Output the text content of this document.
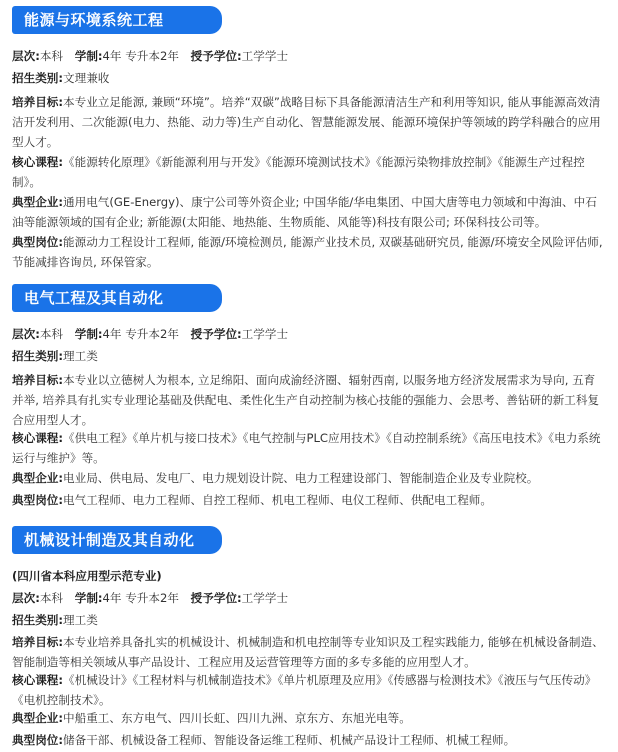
能源与环境系统工程
层次:本科 学制:4年 专升本2年 授予学位:工学学士
招生类别:文理兼收
培养目标:本专业立足能源, 兼顾“环境”。培养“双碳”战略目标下具备能源清洁生产和利用等知识, 能从事能源高效清洁开发利用、二次能源(电力、热能、动力等)生产自动化、智慧能源发展、能源环境保护等领域的跨学科融合的应用型人才。
核心课程:《能源转化原理》《新能源利用与开发》《能源环境测试技术》《能源污染物排放控制》《能源生产过程控制》。
典型企业:通用电气(GE-Energy)、康宁公司等外资企业; 中国华能/华电集团、中国大唐等电力领域和中海油、中石油等能源领域的国有企业; 新能源(太阳能、地热能、生物质能、风能等)科技有限公司; 环保科技公司等。
典型岗位:能源动力工程设计工程师, 能源/环境检测员, 能源产业技术员, 双碳基础研究员, 能源/环境安全风险评估师, 节能减排咨询员, 环保管家。
电气工程及其自动化
层次:本科 学制:4年 专升本2年 授予学位:工学学士
招生类别:理工类
培养目标:本专业以立德树人为根本, 立足绵阳、面向成渝经济圈、辐射西南, 以服务地方经济发展需求为导向, 五育并举, 培养具有扎实专业理论基础及供配电、柔性化生产自动控制为核心技能的强能力、会思考、善钻研的新工科复合应用型人才。
核心课程:《供电工程》《单片机与接口技术》《电气控制与PLC应用技术》《自动控制系统》《高压电技术》《电力系统运行与维护》等。
典型企业:电业局、供电局、发电厂、电力规划设计院、电力工程建设部门、智能制造企业及专业院校。
典型岗位:电气工程师、电力工程师、自控工程师、机电工程师、电仪工程师、供配电工程师。
机械设计制造及其自动化
(四川省本科应用型示范专业)
层次:本科 学制:4年 专升本2年 授予学位:工学学士
招生类别:理工类
培养目标:本专业培养具备扎实的机械设计、机械制造和机电控制等专业知识及工程实践能力, 能够在机械设备制造、智能制造等相关领域从事产品设计、工程应用及运营管理等方面的多专多能的应用型人才。
核心课程:《机械设计》《工程材料与机械制造技术》《单片机原理及应用》《传感器与检测技术》《液压与气压传动》《电机控制技术》。
典型企业:中船重工、东方电气、四川长虹、四川九洲、京东方、东旭光电等。
典型岗位:储备干部、机械设备工程师、智能设备运维工程师、机械产品设计工程师、机械工程师。
